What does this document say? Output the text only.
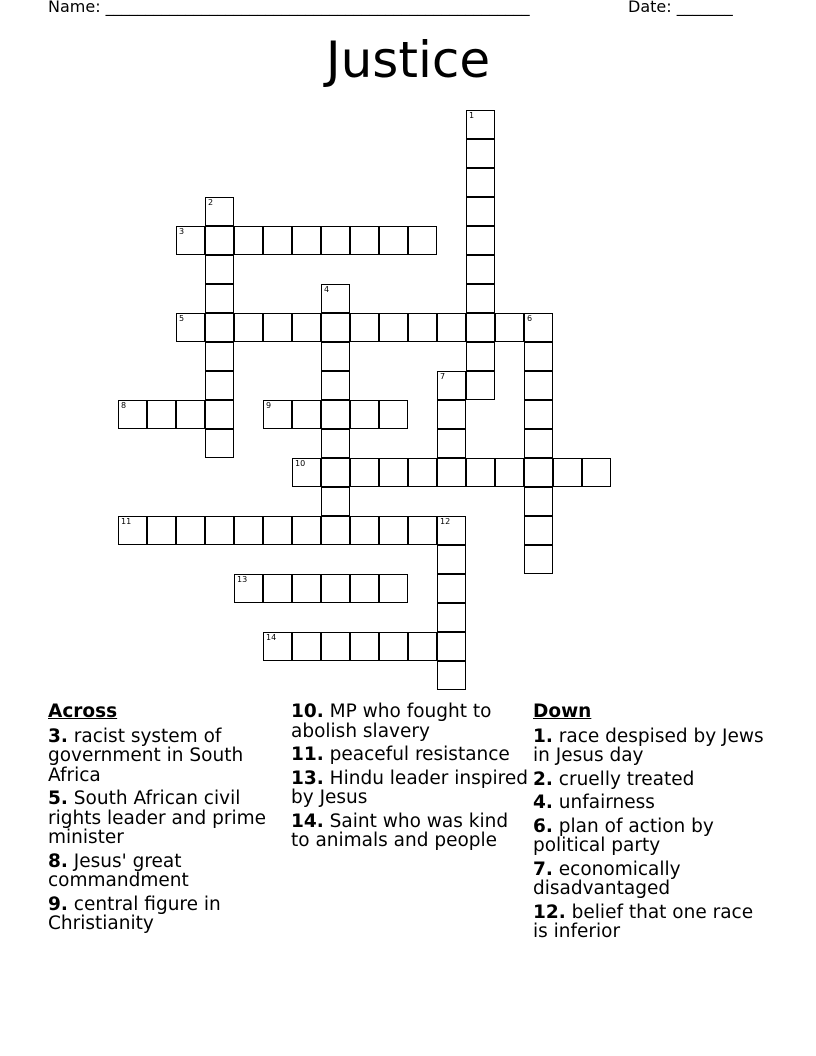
Name: _____________________________________________________	Date: _______
Justice
1
2
3
4
5	6
7
8	9
10
11	12
13
14
Across
3. racist system of government in South Africa
5. South African civil rights leader and prime minister
8. Jesus' great commandment
9. central figure in Christianity
10. MP who fought to abolish slavery
11. peaceful resistance
13. Hindu leader inspired by Jesus
14. Saint who was kind to animals and people
Down
1. race despised by Jews in Jesus day
2. cruelly treated
4. unfairness
6. plan of action by political party
7. economically disadvantaged
12. belief that one race is inferior
